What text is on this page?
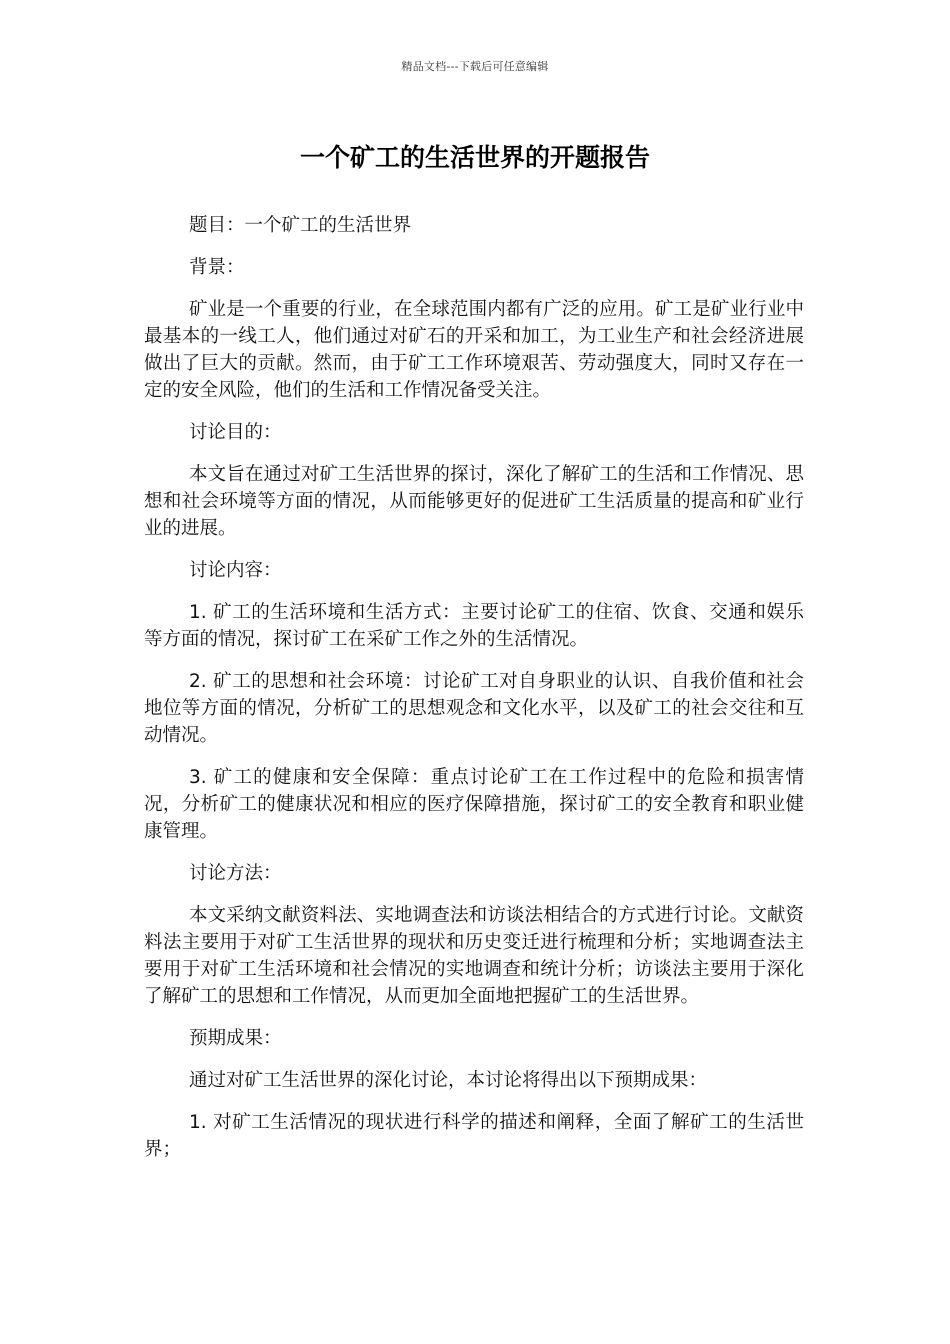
精品文档---下载后可任意编辑
一个矿工的生活世界的开题报告

题目：一个矿工的生活世界

背景：

矿业是一个重要的行业，在全球范围内都有广泛的应用。矿工是矿业行业中最基本的一线工人，他们通过对矿石的开采和加工，为工业生产和社会经济进展做出了巨大的贡献。然而，由于矿工工作环境艰苦、劳动强度大，同时又存在一定的安全风险，他们的生活和工作情况备受关注。

讨论目的：

本文旨在通过对矿工生活世界的探讨，深化了解矿工的生活和工作情况、思想和社会环境等方面的情况，从而能够更好的促进矿工生活质量的提高和矿业行业的进展。

讨论内容：

1. 矿工的生活环境和生活方式：主要讨论矿工的住宿、饮食、交通和娱乐等方面的情况，探讨矿工在采矿工作之外的生活情况。

2. 矿工的思想和社会环境：讨论矿工对自身职业的认识、自我价值和社会地位等方面的情况，分析矿工的思想观念和文化水平，以及矿工的社会交往和互动情况。

3. 矿工的健康和安全保障：重点讨论矿工在工作过程中的危险和损害情况，分析矿工的健康状况和相应的医疗保障措施，探讨矿工的安全教育和职业健康管理。

讨论方法：

本文采纳文献资料法、实地调查法和访谈法相结合的方式进行讨论。文献资料法主要用于对矿工生活世界的现状和历史变迁进行梳理和分析；实地调查法主要用于对矿工生活环境和社会情况的实地调查和统计分析；访谈法主要用于深化了解矿工的思想和工作情况，从而更加全面地把握矿工的生活世界。

预期成果：

通过对矿工生活世界的深化讨论，本讨论将得出以下预期成果：

1. 对矿工生活情况的现状进行科学的描述和阐释，全面了解矿工的生活世界；
